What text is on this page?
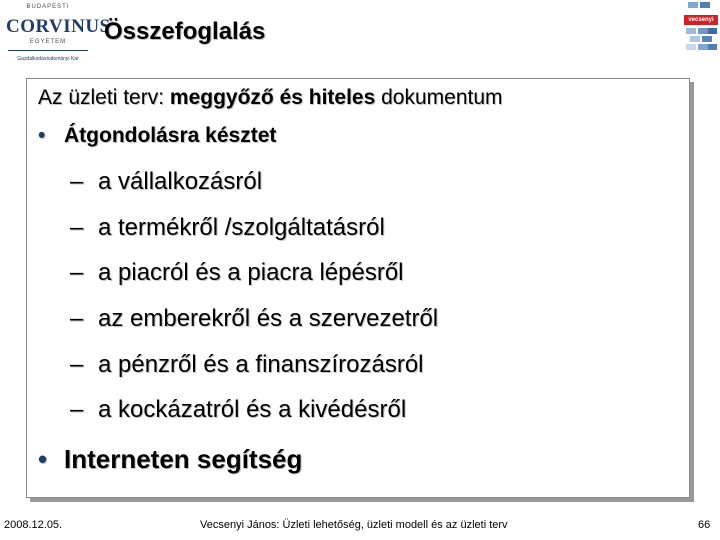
BUDAPESTI
CORVINUS
EGYETEM
Gazdálkodástudományi Kar
Összefoglalás	vecsenyi
Az üzleti terv: meggyőző és hiteles dokumentum
• Átgondolásra késztet
– a vállalkozásról
– a termékről /szolgáltatásról
– a piacról és a piacra lépésről
– az emberekről és a szervezetről
– a pénzről és a finanszírozásról
– a kockázatról és a kivédésről
• Interneten segítség
2008.12.05.	Vecsenyi János: Üzleti lehetőség, üzleti modell és az üzleti terv	66
